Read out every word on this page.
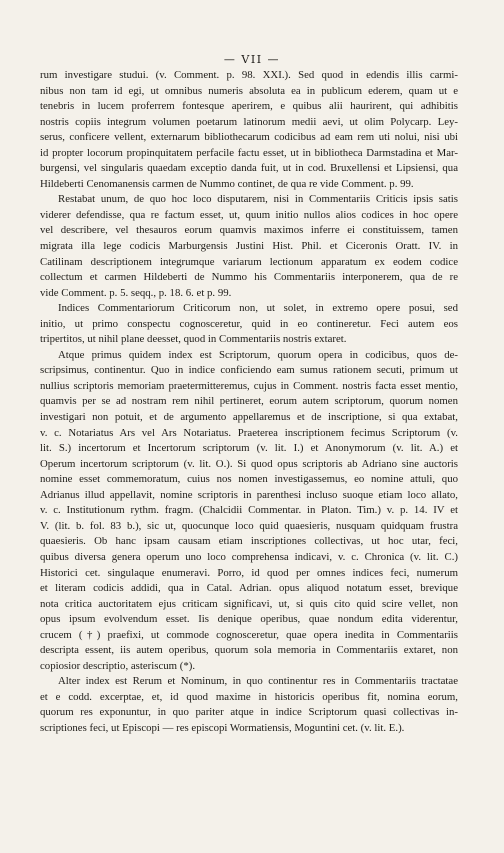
— VII —
rum investigare studui. (v. Comment. p. 98. XXI.). Sed quod in edendis illis carmi-
nibus non tam id egi, ut omnibus numeris absoluta ea in publicum ederem, quam ut e
tenebris in lucem proferrem fontesque aperirem, e quibus alii haurirent, qui adhibitis
nostris copiis integrum volumen poetarum latinorum medii aevi, ut olim Polycarp. Ley-
serus, conficere vellent, externarum bibliothecarum codicibus ad eam rem uti nolui, nisi ubi
id propter locorum propinquitatem perfacile factu esset, ut in bibliotheca Darmstadina et Mar-
burgensi, vel singularis quaedam exceptio danda fuit, ut in cod. Bruxellensi et Lipsiensi, qua
Hildeberti Cenomanensis carmen de Nummo continet, de qua re vide Comment. p. 99.
Restabat unum, de quo hoc loco disputarem, nisi in Commentariis Criticis ipsis satis
viderer defendisse, qua re factum esset, ut, quum initio nullos alios codices in hoc opere
vel describere, vel thesauros eorum quamvis maximos inferre ei constituissem, tamen
migrata illa lege codicis Marburgensis Justini Hist. Phil. et Ciceronis Oratt. IV. in
Catilinam descriptionem integrumque variarum lectionum apparatum ex eodem codice
collectum et carmen Hildeberti de Nummo his Commentariis interponerem, qua de re
vide Comment. p. 5. seqq., p. 18. 6. et p. 99.
Indices Commentariorum Criticorum non, ut solet, in extremo opere posui, sed
initio, ut primo conspectu cognosceretur, quid in eo contineretur. Feci autem eos
tripertitos, ut nihil plane deesset, quod in Commentariis nostris extaret.
Atque primus quidem index est Scriptorum, quorum opera in codicibus, quos de-
scripsimus, continentur. Quo in indice conficiendo eam sumus rationem secuti, primum ut
nullius scriptoris memoriam praetermitteremus, cujus in Comment. nostris facta esset mentio,
quamvis per se ad nostram rem nihil pertineret, eorum autem scriptorum, quorum nomen
investigari non potuit, et de argumento appellaremus et de inscriptione, si qua extabat,
v. c. Notariatus Ars vel Ars Notariatus. Praeterea inscriptionem fecimus Scriptorum (v.
lit. S.) incertorum et Incertorum scriptorum (v. lit. I.) et Anonymorum (v. lit. A.) et
Operum incertorum scriptorum (v. lit. O.). Si quod opus scriptoris ab Adriano sine auctoris
nomine esset commemoratum, cuius nos nomen investigassemus, eo nomine attuli, quo
Adrianus illud appellavit, nomine scriptoris in parenthesi incluso suoque etiam loco allato,
v. c. Institutionum rythm. fragm. (Chalcidii Commentar. in Platon. Tim.) v. p. 14. IV et
V. (lit. b. fol. 83 b.), sic ut, quocunque loco quid quaesieris, nusquam quidquam frustra
quaesieris. Ob hanc ipsam causam etiam inscriptiones collectivas, ut hoc utar, feci,
quibus diversa genera operum uno loco comprehensa indicavi, v. c. Chronica (v. lit. C.)
Historici cet. singulaque enumeravi. Porro, id quod per omnes indices feci, numerum
et literam codicis addidi, qua in Catal. Adrian. opus aliquod notatum esset, brevique
nota critica auctoritatem ejus criticam significavi, ut, si quis cito quid scire vellet, non
opus ipsum evolvendum esset. Iis denique operibus, quae nondum edita viderentur,
crucem (†) praefixi, ut commode cognosceretur, quae opera inedita in Commentariis
descripta essent, iis autem operibus, quorum sola memoria in Commentariis extaret, non
copiosior descriptio, asteriscum (*).
Alter index est Rerum et Nominum, in quo continentur res in Commentariis tractatae
et e codd. excerptae, et, id quod maxime in historicis operibus fit, nomina eorum,
quorum res exponuntur, in quo pariter atque in indice Scriptorum quasi collectivas in-
scriptiones feci, ut Episcopi — res episcopi Wormatiensis, Moguntini cet. (v. lit. E.).
